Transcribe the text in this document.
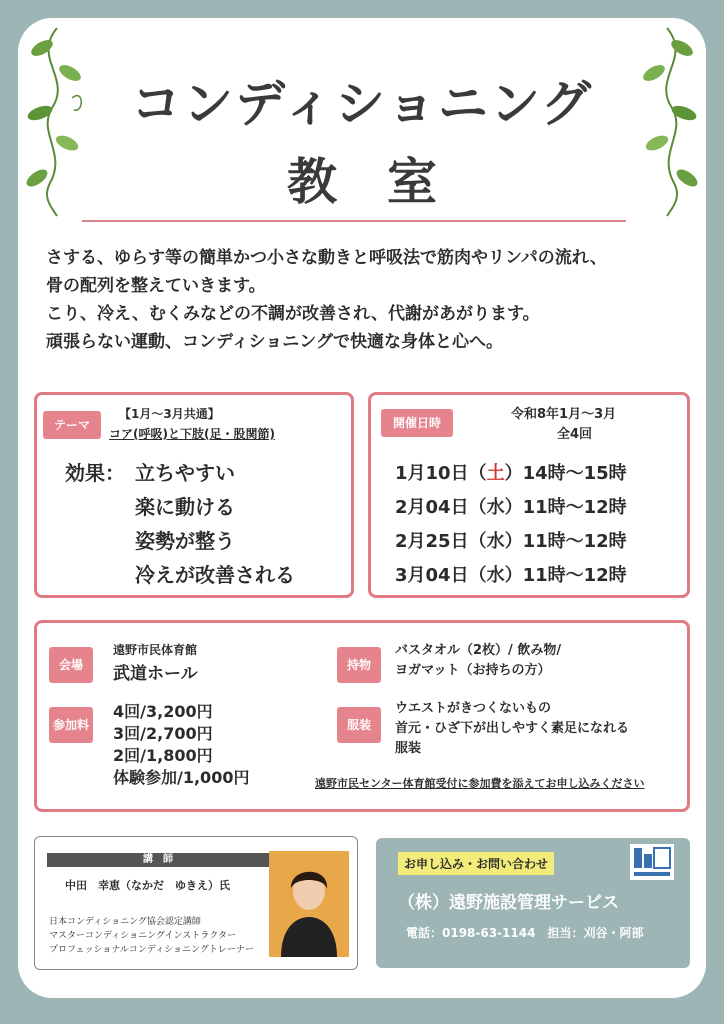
コンディショニング
教室
さする、ゆらす等の簡単かつ小さな動きと呼吸法で筋肉やリンパの流れ、
骨の配列を整えていきます。
こり、冷え、むくみなどの不調が改善され、代謝があがります。
頑張らない運動、コンディショニングで快適な身体と心へ。
テーマ
【1月～3月共通】
コア(呼吸)と下肢(足・股関節)
効果： 立ちやすい
楽に動ける
姿勢が整う
冷えが改善される
開催日時
令和8年1月～3月
全4回
1月10日（土）14時～15時
2月04日（水）11時～12時
2月25日（水）11時～12時
3月04日（水）11時～12時
会場
遠野市民体育館
武道ホール
参加料
4回/3,200円
3回/2,700円
2回/1,800円
体験参加/1,000円
持物
バスタオル（2枚）/ 飲み物/
ヨガマット（お持ちの方）
服装
ウエストがきつくないもの
首元・ひざ下が出しやすく素足になれる
服装
遠野市民センター体育館受付に参加費を添えてお申し込みください
講　師
中田　幸恵（なかだ　ゆきえ）氏
日本コンディショニング協会認定講師
マスターコンディショニングインストラクター
プロフェッショナルコンディショニングトレーナー
お申し込み・お問い合わせ
（株）遠野施設管理サービス
電話：0198-63-1144　担当：刈谷・阿部
